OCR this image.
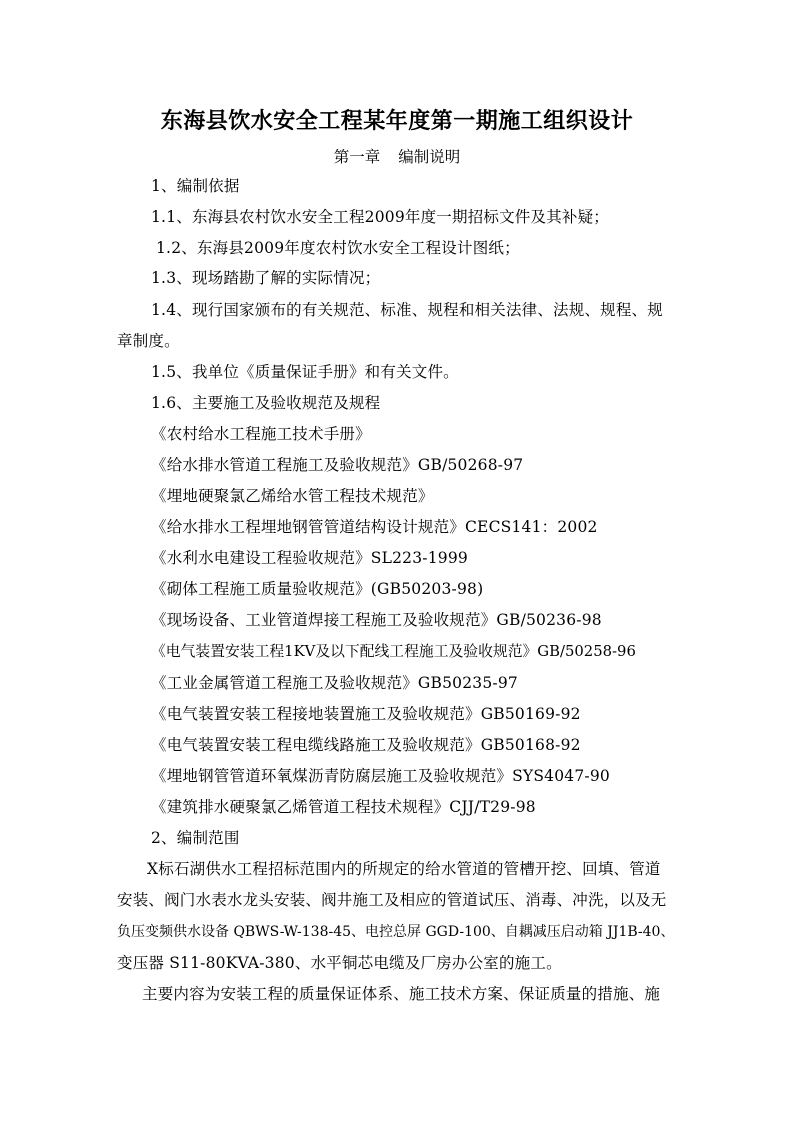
东海县饮水安全工程某年度第一期施工组织设计
第一章 编制说明
1、编制依据
1.1、东海县农村饮水安全工程2009年度一期招标文件及其补疑；
1.2、东海县2009年度农村饮水安全工程设计图纸；
1.3、现场踏勘了解的实际情况；
1.4、现行国家颁布的有关规范、标准、规程和相关法律、法规、规程、规
章制度。
1.5、我单位《质量保证手册》和有关文件。
1.6、主要施工及验收规范及规程
《农村给水工程施工技术手册》
《给水排水管道工程施工及验收规范》GB/50268-97
《埋地硬聚氯乙烯给水管工程技术规范》
《给水排水工程埋地钢管管道结构设计规范》CECS141：2002
《水利水电建设工程验收规范》SL223-1999
《砌体工程施工质量验收规范》(GB50203-98)
《现场设备、工业管道焊接工程施工及验收规范》GB/50236-98
《电气装置安装工程1KV及以下配线工程施工及验收规范》GB/50258-96
《工业金属管道工程施工及验收规范》GB50235-97
《电气装置安装工程接地装置施工及验收规范》GB50169-92
《电气装置安装工程电缆线路施工及验收规范》GB50168-92
《埋地钢管管道环氧煤沥青防腐层施工及验收规范》SYS4047-90
《建筑排水硬聚氯乙烯管道工程技术规程》CJJ/T29-98
2、编制范围
Ⅹ标石湖供水工程招标范围内的所规定的给水管道的管槽开挖、回填、管道
安装、阀门水表水龙头安装、阀井施工及相应的管道试压、消毒、冲洗，以及无
负压变频供水设备 QBWS-W-138-45、电控总屏 GGD-100、自耦减压启动箱 JJ1B-40、
变压器 S11-80KVA-380、水平铜芯电缆及厂房办公室的施工。
主要内容为安装工程的质量保证体系、施工技术方案、保证质量的措施、施
